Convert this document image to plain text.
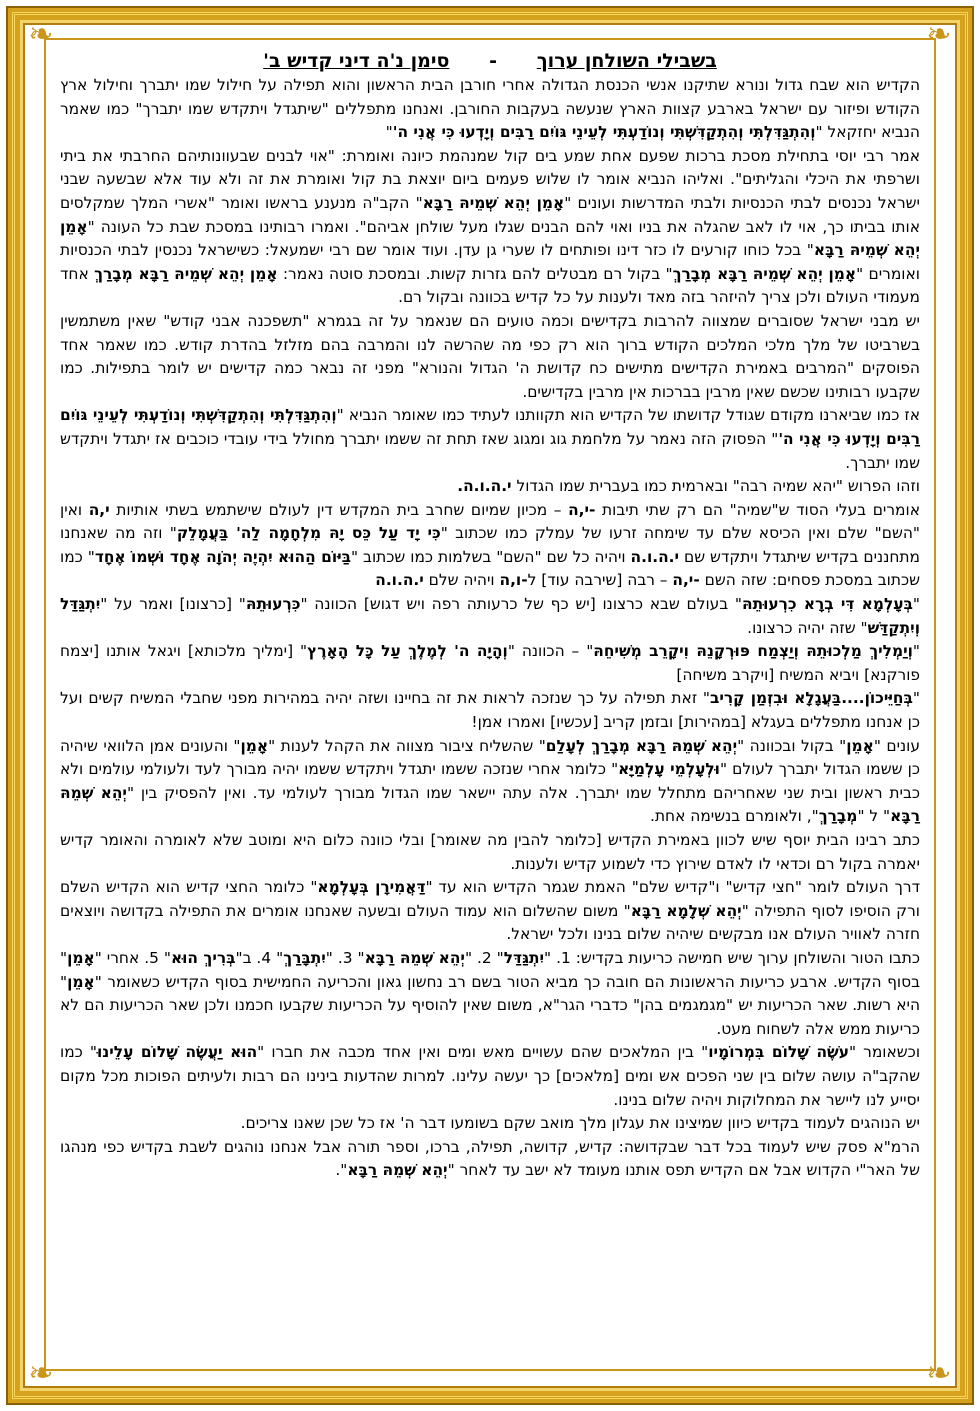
❧	❧
❧	❧
בשבילי השולחן ערוך      -      סימן נ'ה דיני קדיש ב'

הקדיש הוא שבח גדול ונורא שתיקנו אנשי הכנסת הגדולה אחרי חורבן הבית הראשון והוא תפילה על חילול שמו יתברך וחילול ארץ הקודש ופיזור עם ישראל בארבע קצוות הארץ שנעשה בעקבות החורבן. ואנחנו מתפללים "שיתגדל ויתקדש שמו יתברך" כמו שאמר הנביא יחזקאל "וְהִתְגַּדִּלְתִּי וְהִתְקַדִּשְׁתִּי וְנוֹדַעְתִּי לְעֵינֵי גּוֹיִם רַבִּים וְיָדְעוּ כִּי אֲנִי ה'"

אמר רבי יוסי בתחילת מסכת ברכות שפעם אחת שמע בים קול שמנהמת כיונה ואומרת: "אוי לבנים שבעוונותיהם החרבתי את ביתי ושרפתי את היכלי והגליתים". ואליהו הנביא אומר לו שלוש פעמים ביום יוצאת בת קול ואומרת את זה ולא עוד אלא שבשעה שבני ישראל נכנסים לבתי הכנסיות ולבתי המדרשות ועונים "אָמֵן יְהֵא שְׁמֵיהּ רַבָּא" הקב"ה מנענע בראשו ואומר "אשרי המלך שמקלסים אותו בביתו כך, אוי לו לאב שהגלה את בניו ואוי להם הבנים שגלו מעל שולחן אביהם". ואמרו רבותינו במסכת שבת כל העונה "אָמֵן יְהֵא שְׁמֵיהּ רַבָּא" בכל כוחו קורעים לו כזר דינו ופותחים לו שערי גן עדן. ועוד אומר שם רבי ישמעאל: כשישראל נכנסין לבתי הכנסיות ואומרים "אָמֵן יְהֵא שְׁמֵיהּ רַבָּא מְבָרַךְ" בקול רם מבטלים להם גזרות קשות. ובמסכת סוטה נאמר: אָמֵן יְהֵא שְׁמֵיהּ רַבָּא מְבָרַךְ אחד מעמודי העולם ולכן צריך להיזהר בזה מאד ולענות על כל קדיש בכוונה ובקול רם.

יש מבני ישראל שסוברים שמצווה להרבות בקדישים וכמה טועים הם שנאמר על זה בגמרא "תשפכנה אבני קודש" שאין משתמשין בשרביטו של מלך מלכי המלכים הקודש ברוך הוא רק כפי מה שהרשה לנו והמרבה בהם מזלזל בהדרת קודש. כמו שאמר אחד הפוסקים "המרבים באמירת הקדישים מתישים כח קדושת ה' הגדול והנורא" מפני זה נבאר כמה קדישים יש לומר בתפילות. כמו שקבעו רבותינו שכשם שאין מרבין בברכות אין מרבין בקדישים.

אז כמו שביארנו מקודם שגודל קדושתו של הקדיש הוא תקוותנו לעתיד כמו שאומר הנביא "וְהִתְגַּדִּלְתִּי וְהִתְקַדִּשְׁתִּי וְנוֹדַעְתִּי לְעֵינֵי גּוֹיִם רַבִּים וְיָדְעוּ כִּי אֲנִי ה'" הפסוק הזה נאמר על מלחמת גוג ומגוג שאז תחת זה ששמו יתברך מחולל בידי עובדי כוכבים אז יתגדל ויתקדש שמו יתברך.

וזהו הפרוש "יהא שמיה רבה" ובארמית כמו בעברית שמו הגדול י.ה.ו.ה.

אומרים בעלי הסוד ש"שמיה" הם רק שתי תיבות -י,ה – מכיון שמיום שחרב בית המקדש דין לעולם שישתמש בשתי אותיות י,ה ואין "השם" שלם ואין הכיסא שלם עד שימחה זרעו של עמלק כמו שכתוב "כִּי יָד עַל כֵּס יָהּ מִלְחָמָה לַה' בַּעֲמָלֵק" וזה מה שאנחנו מתחננים בקדיש שיתגדל ויתקדש שם י.ה.ו.ה ויהיה כל שם "השם" בשלמות כמו שכתוב "בַּיּוֹם הַהוּא יִהְיֶה יְהֹוָה אֶחָד וּשְׁמוֹ אֶחָד" כמו שכתוב במסכת פסחים: שזה השם -י,ה – רבה [שירבה עוד] ל-ו,ה ויהיה שלם י.ה.ו.ה

"בְּעָלְמָא דִּי בְרָא כִרְעוּתֵהּ" בעולם שבא כרצונו [יש כף של כרעותה רפה ויש דגוש] הכוונה "כִּרְעוּתֵהּ" [כרצונו] ואמר על "יִתְגַּדַּל וְיִתְקַדַּשׁ" שזה יהיה כרצונו.

"וְיַמְלִיךְ מַלְכוּתֵהּ וְיַצְמַח פּוּרְקָנֵהּ וִיקָרֵב מְשִׁיחֵהּ" – הכוונה "וְהָיָה ה' לְמֶלֶךְ עַל כָּל הָאָרֶץ" [ימליך מלכותא] ויגאל אותנו [יצמח פורקנא] ויביא המשיח [ויקרב משיחה]

"בְּחַיֵּיכוֹן....בַּעֲגָלָא וּבִזְמַן קָרִיב" זאת תפילה על כך שנזכה לראות את זה בחיינו ושזה יהיה במהירות מפני שחבלי המשיח קשים ועל כן אנחנו מתפללים בעגלא [במהירות] ובזמן קריב [עכשיו] ואמרו אמן!

עונים "אָמֵן" בקול ובכוונה "יְהֵא שְׁמֵהּ רַבָּא מְבָרַךְ לְעָלַם" שהשליח ציבור מצווה את הקהל לענות "אָמֵן" והעונים אמן הלוואי שיהיה כן ששמו הגדול יתברך לעולם "וּלְעָלְמֵי עָלְמַיָּא" כלומר אחרי שנזכה ששמו יתגדל ויתקדש ששמו יהיה מבורך לעד ולעולמי עולמים ולא כבית ראשון ובית שני שאחריהם מתחלל שמו יתברך. אלה עתה יישאר שמו הגדול מבורך לעולמי עד. ואין להפסיק בין "יְהֵא שְׁמֵהּ רַבָּא" ל "מְבָרַךְ", ולאומרם בנשימה אחת.

כתב רבינו הבית יוסף שיש לכוון באמירת הקדיש [כלומר להבין מה שאומר] ובלי כוונה כלום היא ומוטב שלא לאומרה והאומר קדיש יאמרה בקול רם וכדאי לו לאדם שירוץ כדי לשמוע קדיש ולענות.

דרך העולם לומר "חצי קדיש" ו"קדיש שלם" האמת שגמר הקדיש הוא עד "דַּאֲמִירָן בְּעָלְמָא" כלומר החצי קדיש הוא הקדיש השלם ורק הוסיפו לסוף התפילה "יְהֵא שְׁלָמָא רַבָּא" משום שהשלום הוא עמוד העולם ובשעה שאנחנו אומרים את התפילה בקדושה ויוצאים חזרה לאוויר העולם אנו מבקשים שיהיה שלום בנינו ולכל ישראל.

כתבו הטור והשולחן ערוך שיש חמישה כריעות בקדיש: 1. "יִתְגַּדַּל" 2. "יְהֵא שְׁמֵהּ רַבָּא" 3. "יִתְבָּרַךְ" 4. ב"בְּרִיךְ הוּא" 5. אחרי "אָמֵן" בסוף הקדיש. ארבע כריעות הראשונות הם חובה כך מביא הטור בשם רב נחשון גאון והכריעה החמישית בסוף הקדיש כשאומר "אָמֵן" היא רשות. שאר הכריעות יש "מגמגמים בהן" כדברי הגר"א, משום שאין להוסיף על הכריעות שקבעו חכמנו ולכן שאר הכריעות הם לא כריעות ממש אלה לשחוח מעט.

וכשאומר "עֹשֶׂה שָׁלוֹם בִּמְרוֹמָיו" בין המלאכים שהם עשויים מאש ומים ואין אחד מכבה את חברו "הוּא יַעֲשֶׂה שָׁלוֹם עָלֵינוּ" כמו שהקב"ה עושה שלום בין שני הפכים אש ומים [מלאכים] כך יעשה עלינו. למרות שהדעות בינינו הם רבות ולעיתים הפוכות מכל מקום יסייע לנו ליישר את המחלוקות ויהיה שלום בנינו.

יש הנוהגים לעמוד בקדיש כיוון שמיצינו את עגלון מלך מואב שקם בשומעו דבר ה' אז כל שכן שאנו צריכים.

הרמ"א פסק שיש לעמוד בכל דבר שבקדושה: קדיש, קדושה, תפילה, ברכו, וספר תורה אבל אנחנו נוהגים לשבת בקדיש כפי מנהגו של האר"י הקדוש אבל אם הקדיש תפס אותנו מעומד לא ישב עד לאחר "יְהֵא שְׁמֵהּ רַבָּא".
